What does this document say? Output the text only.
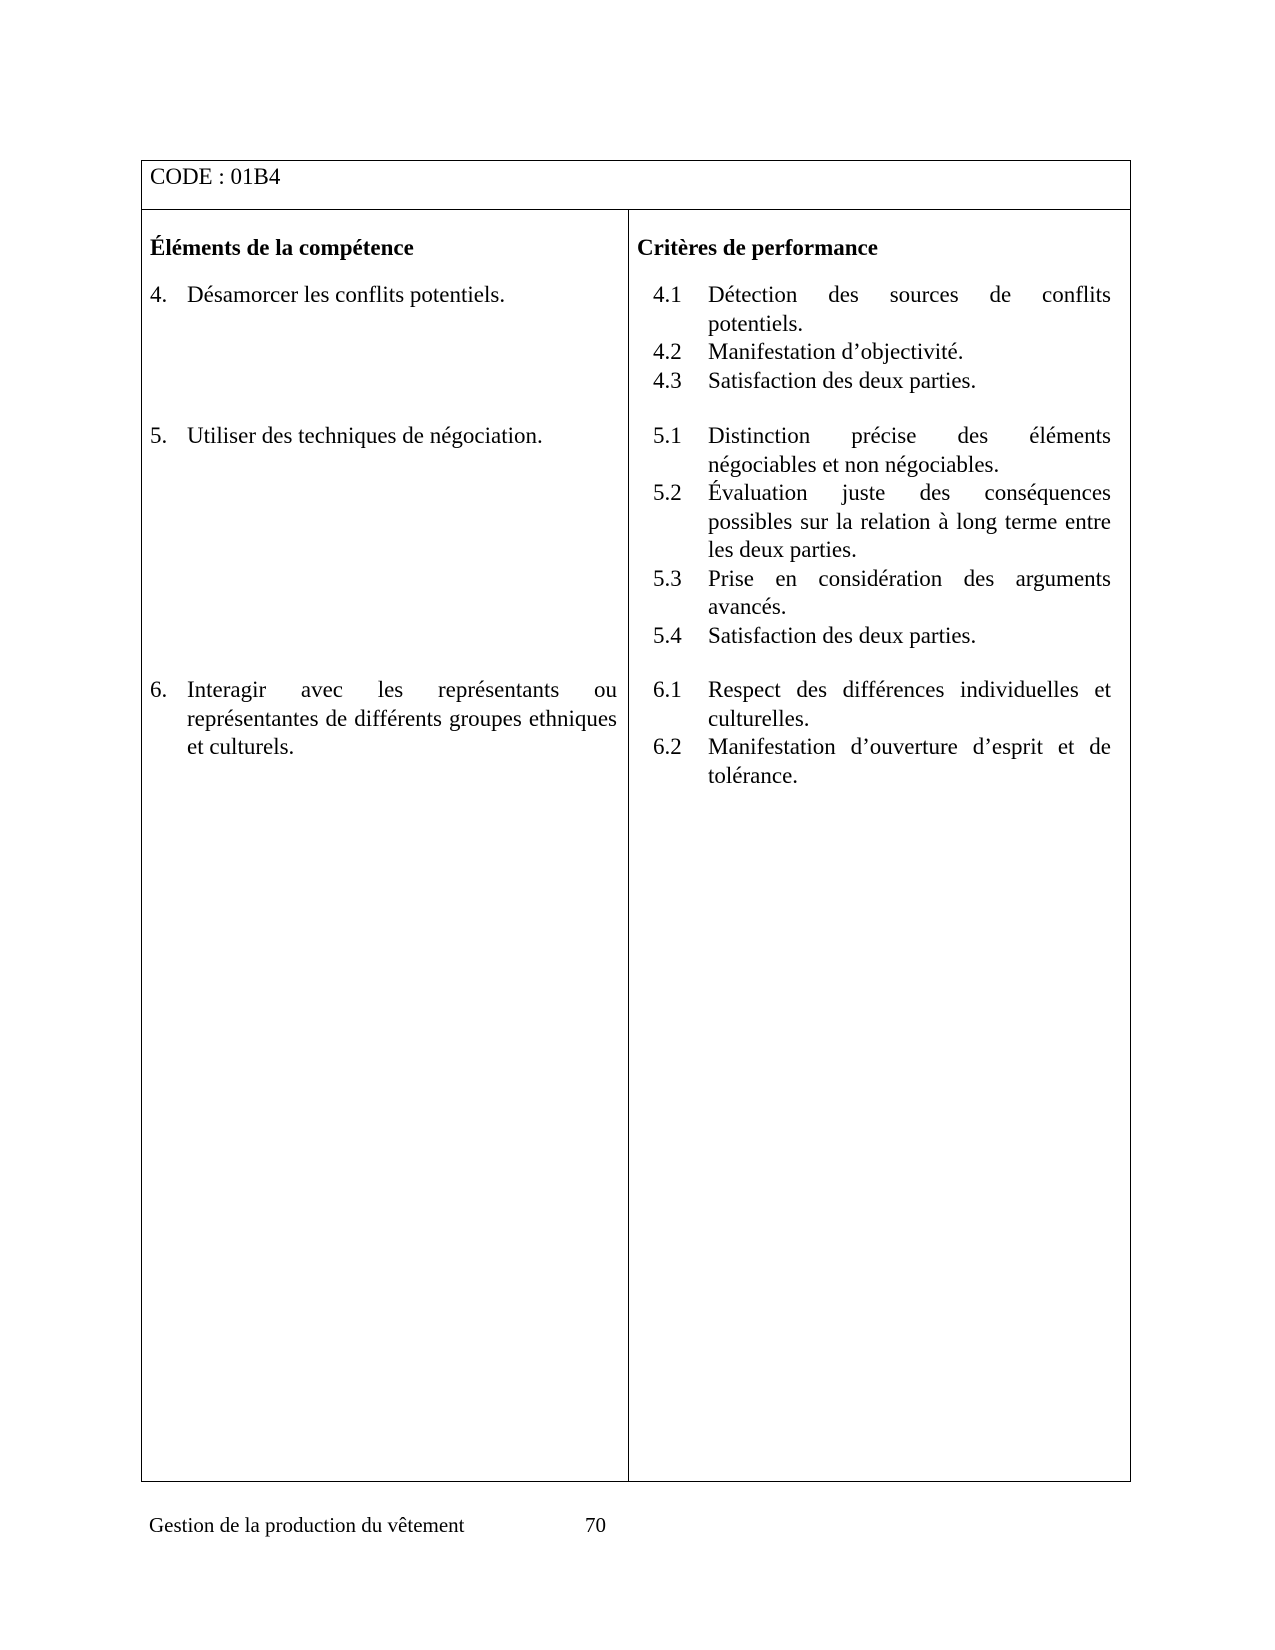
CODE : 01B4
Éléments de la compétence
4. Désamorcer les conflits potentiels.
5. Utiliser des techniques de négociation.
6. Interagir avec les représentants ou représentantes de différents groupes ethniques et culturels.
Critères de performance
4.1 Détection des sources de conflits potentiels.
4.2 Manifestation d’objectivité.
4.3 Satisfaction des deux parties.
5.1 Distinction précise des éléments négociables et non négociables.
5.2 Évaluation juste des conséquences possibles sur la relation à long terme entre les deux parties.
5.3 Prise en considération des arguments avancés.
5.4 Satisfaction des deux parties.
6.1 Respect des différences individuelles et culturelles.
6.2 Manifestation d’ouverture d’esprit et de tolérance.
Gestion de la production du vêtement	70
